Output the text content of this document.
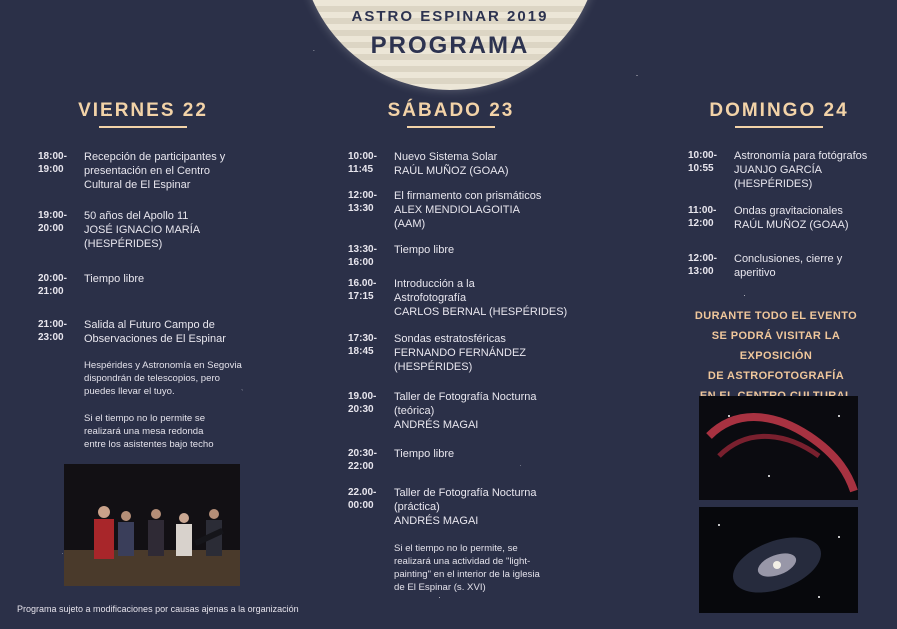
ASTRO ESPINAR 2019
PROGRAMA
VIERNES 22	SÁBADO 23	DOMINGO 24
18:00-
19:00
Recepción de participantes y
presentación en el Centro
Cultural de El Espinar
19:00-
20:00
50 años del Apollo 11
JOSÉ IGNACIO MARÍA
(HESPÉRIDES)
20:00-
21:00
Tiempo libre
21:00-
23:00
Salida al Futuro Campo de
Observaciones de El Espinar
Hespérides y Astronomía en Segovia
dispondrán de telescopios, pero
puedes llevar el tuyo.
Si el tiempo no lo permite se
realizará una mesa redonda
entre los asistentes bajo techo
10:00-
11:45
Nuevo Sistema Solar
RAÚL MUÑOZ (GOAA)
12:00-
13:30
El firmamento con prismáticos
ALEX MENDIOLAGOITIA
(AAM)
13:30-
16:00
Tiempo libre
16.00-
17:15
Introducción a la
Astrofotografía
CARLOS BERNAL (HESPÉRIDES)
17:30-
18:45
Sondas estratosféricas
FERNANDO FERNÁNDEZ
(HESPÉRIDES)
19.00-
20:30
Taller de Fotografía Nocturna
(teórica)
ANDRÉS MAGAI
20:30-
22:00
Tiempo libre
22.00-
00:00
Taller de Fotografía Nocturna
(práctica)
ANDRÉS MAGAI
Si el tiempo no lo permite, se
realizará una actividad de "light-
painting" en el interior de la iglesia
de El Espinar (s. XVI)
10:00-
10:55
Astronomía para fotógrafos
JUANJO GARCÍA
(HESPÉRIDES)
11:00-
12:00
Ondas gravitacionales
RAÚL MUÑOZ (GOAA)
12:00-
13:00
Conclusiones, cierre y
aperitivo
DURANTE TODO EL EVENTO
SE PODRÁ VISITAR LA EXPOSICIÓN
DE ASTROFOTOGRAFÍA
Programa sujeto a modificaciones por causas ajenas a la organización
